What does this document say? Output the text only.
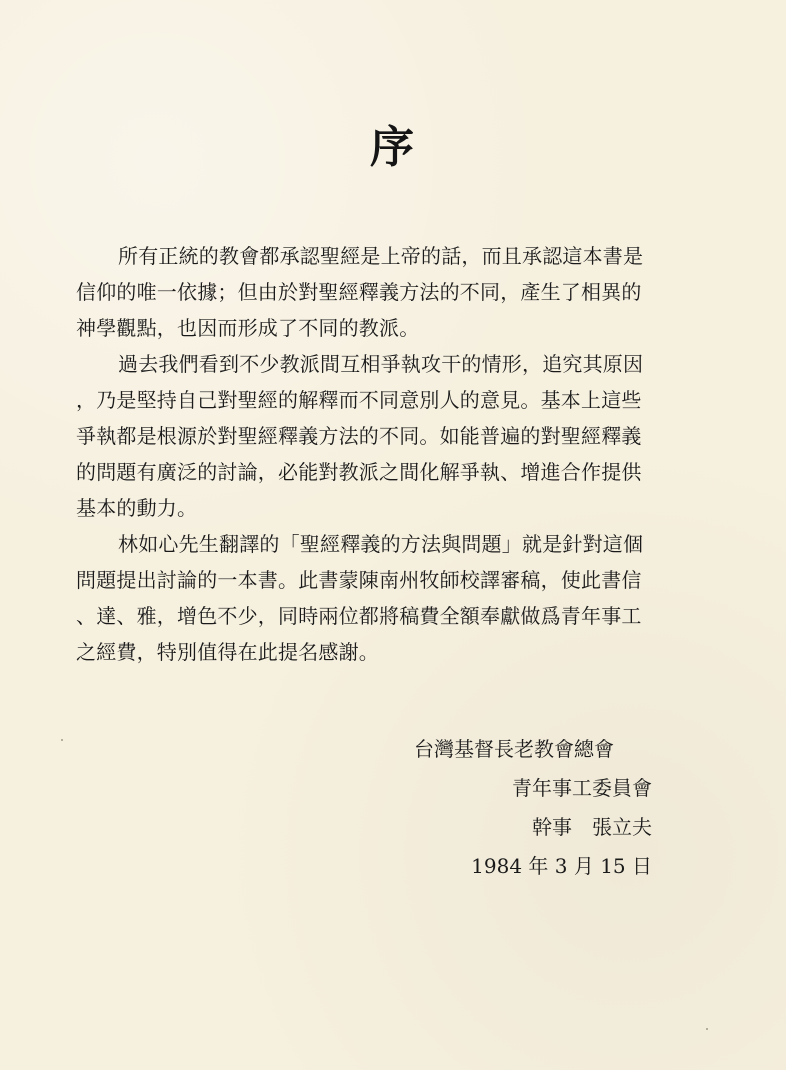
序
所有正統的教會都承認聖經是上帝的話，而且承認這本書是
信仰的唯一依據；但由於對聖經釋義方法的不同，產生了相異的
神學觀點，也因而形成了不同的教派。
過去我們看到不少教派間互相爭執攻干的情形，追究其原因
，乃是堅持自己對聖經的解釋而不同意別人的意見。基本上這些
爭執都是根源於對聖經釋義方法的不同。如能普遍的對聖經釋義
的問題有廣泛的討論，必能對教派之間化解爭執、增進合作提供
基本的動力。
林如心先生翻譯的「聖經釋義的方法與問題」就是針對這個
問題提出討論的一本書。此書蒙陳南州牧師校譯審稿，使此書信
、達、雅，增色不少，同時兩位都將稿費全額奉獻做爲青年事工
之經費，特別值得在此提名感謝。
台灣基督長老教會總會
青年事工委員會
幹事　張立夫
1984 年 3 月 15 日
